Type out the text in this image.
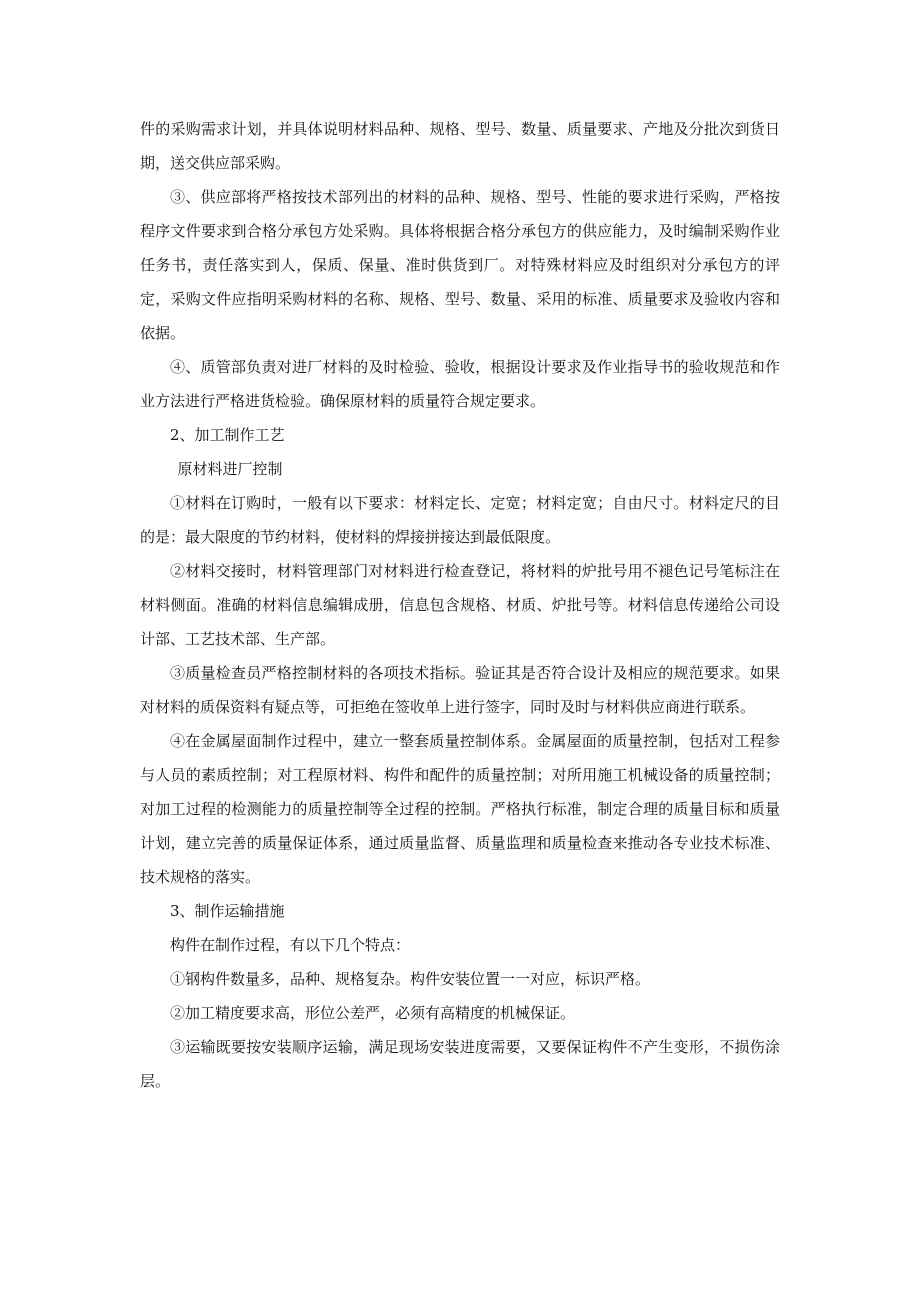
件的采购需求计划，并具体说明材料品种、规格、型号、数量、质量要求、产地及分批次到货日期，送交供应部采购。

③、供应部将严格按技术部列出的材料的品种、规格、型号、性能的要求进行采购，严格按程序文件要求到合格分承包方处采购。具体将根据合格分承包方的供应能力，及时编制采购作业任务书，责任落实到人，保质、保量、准时供货到厂。对特殊材料应及时组织对分承包方的评定，采购文件应指明采购材料的名称、规格、型号、数量、采用的标准、质量要求及验收内容和依据。

④、质管部负责对进厂材料的及时检验、验收，根据设计要求及作业指导书的验收规范和作业方法进行严格进货检验。确保原材料的质量符合规定要求。

2、加工制作工艺

原材料进厂控制

①材料在订购时，一般有以下要求：材料定长、定宽；材料定宽；自由尺寸。材料定尺的目的是：最大限度的节约材料，使材料的焊接拼接达到最低限度。

②材料交接时，材料管理部门对材料进行检查登记，将材料的炉批号用不褪色记号笔标注在材料侧面。准确的材料信息编辑成册，信息包含规格、材质、炉批号等。材料信息传递给公司设计部、工艺技术部、生产部。

③质量检查员严格控制材料的各项技术指标。验证其是否符合设计及相应的规范要求。如果对材料的质保资料有疑点等，可拒绝在签收单上进行签字，同时及时与材料供应商进行联系。

④在金属屋面制作过程中，建立一整套质量控制体系。金属屋面的质量控制，包括对工程参与人员的素质控制；对工程原材料、构件和配件的质量控制；对所用施工机械设备的质量控制；对加工过程的检测能力的质量控制等全过程的控制。严格执行标准，制定合理的质量目标和质量计划，建立完善的质量保证体系，通过质量监督、质量监理和质量检查来推动各专业技术标准、技术规格的落实。

3、制作运输措施

构件在制作过程，有以下几个特点：

①钢构件数量多，品种、规格复杂。构件安装位置一一对应，标识严格。

②加工精度要求高，形位公差严，必须有高精度的机械保证。

③运输既要按安装顺序运输，满足现场安装进度需要，又要保证构件不产生变形，不损伤涂层。
